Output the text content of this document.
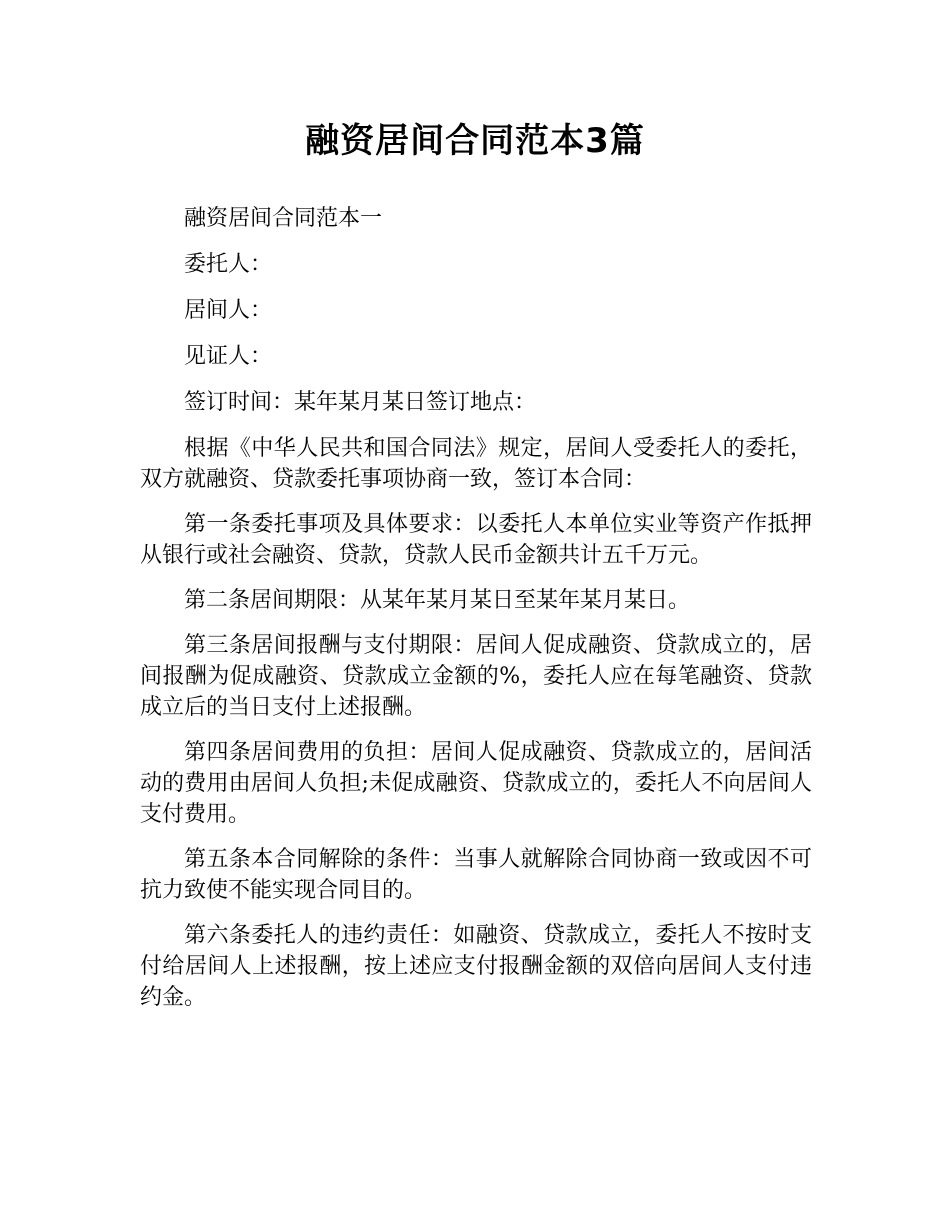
融资居间合同范本3篇

融资居间合同范本一

委托人：

居间人：

见证人：

签订时间：某年某月某日签订地点：

根据《中华人民共和国合同法》规定，居间人受委托人的委托，双方就融资、贷款委托事项协商一致，签订本合同：

第一条委托事项及具体要求：以委托人本单位实业等资产作抵押从银行或社会融资、贷款，贷款人民币金额共计五千万元。

第二条居间期限：从某年某月某日至某年某月某日。

第三条居间报酬与支付期限：居间人促成融资、贷款成立的，居间报酬为促成融资、贷款成立金额的%，委托人应在每笔融资、贷款成立后的当日支付上述报酬。

第四条居间费用的负担：居间人促成融资、贷款成立的，居间活动的费用由居间人负担;未促成融资、贷款成立的，委托人不向居间人支付费用。

第五条本合同解除的条件：当事人就解除合同协商一致或因不可抗力致使不能实现合同目的。

第六条委托人的违约责任：如融资、贷款成立，委托人不按时支付给居间人上述报酬，按上述应支付报酬金额的双倍向居间人支付违约金。
